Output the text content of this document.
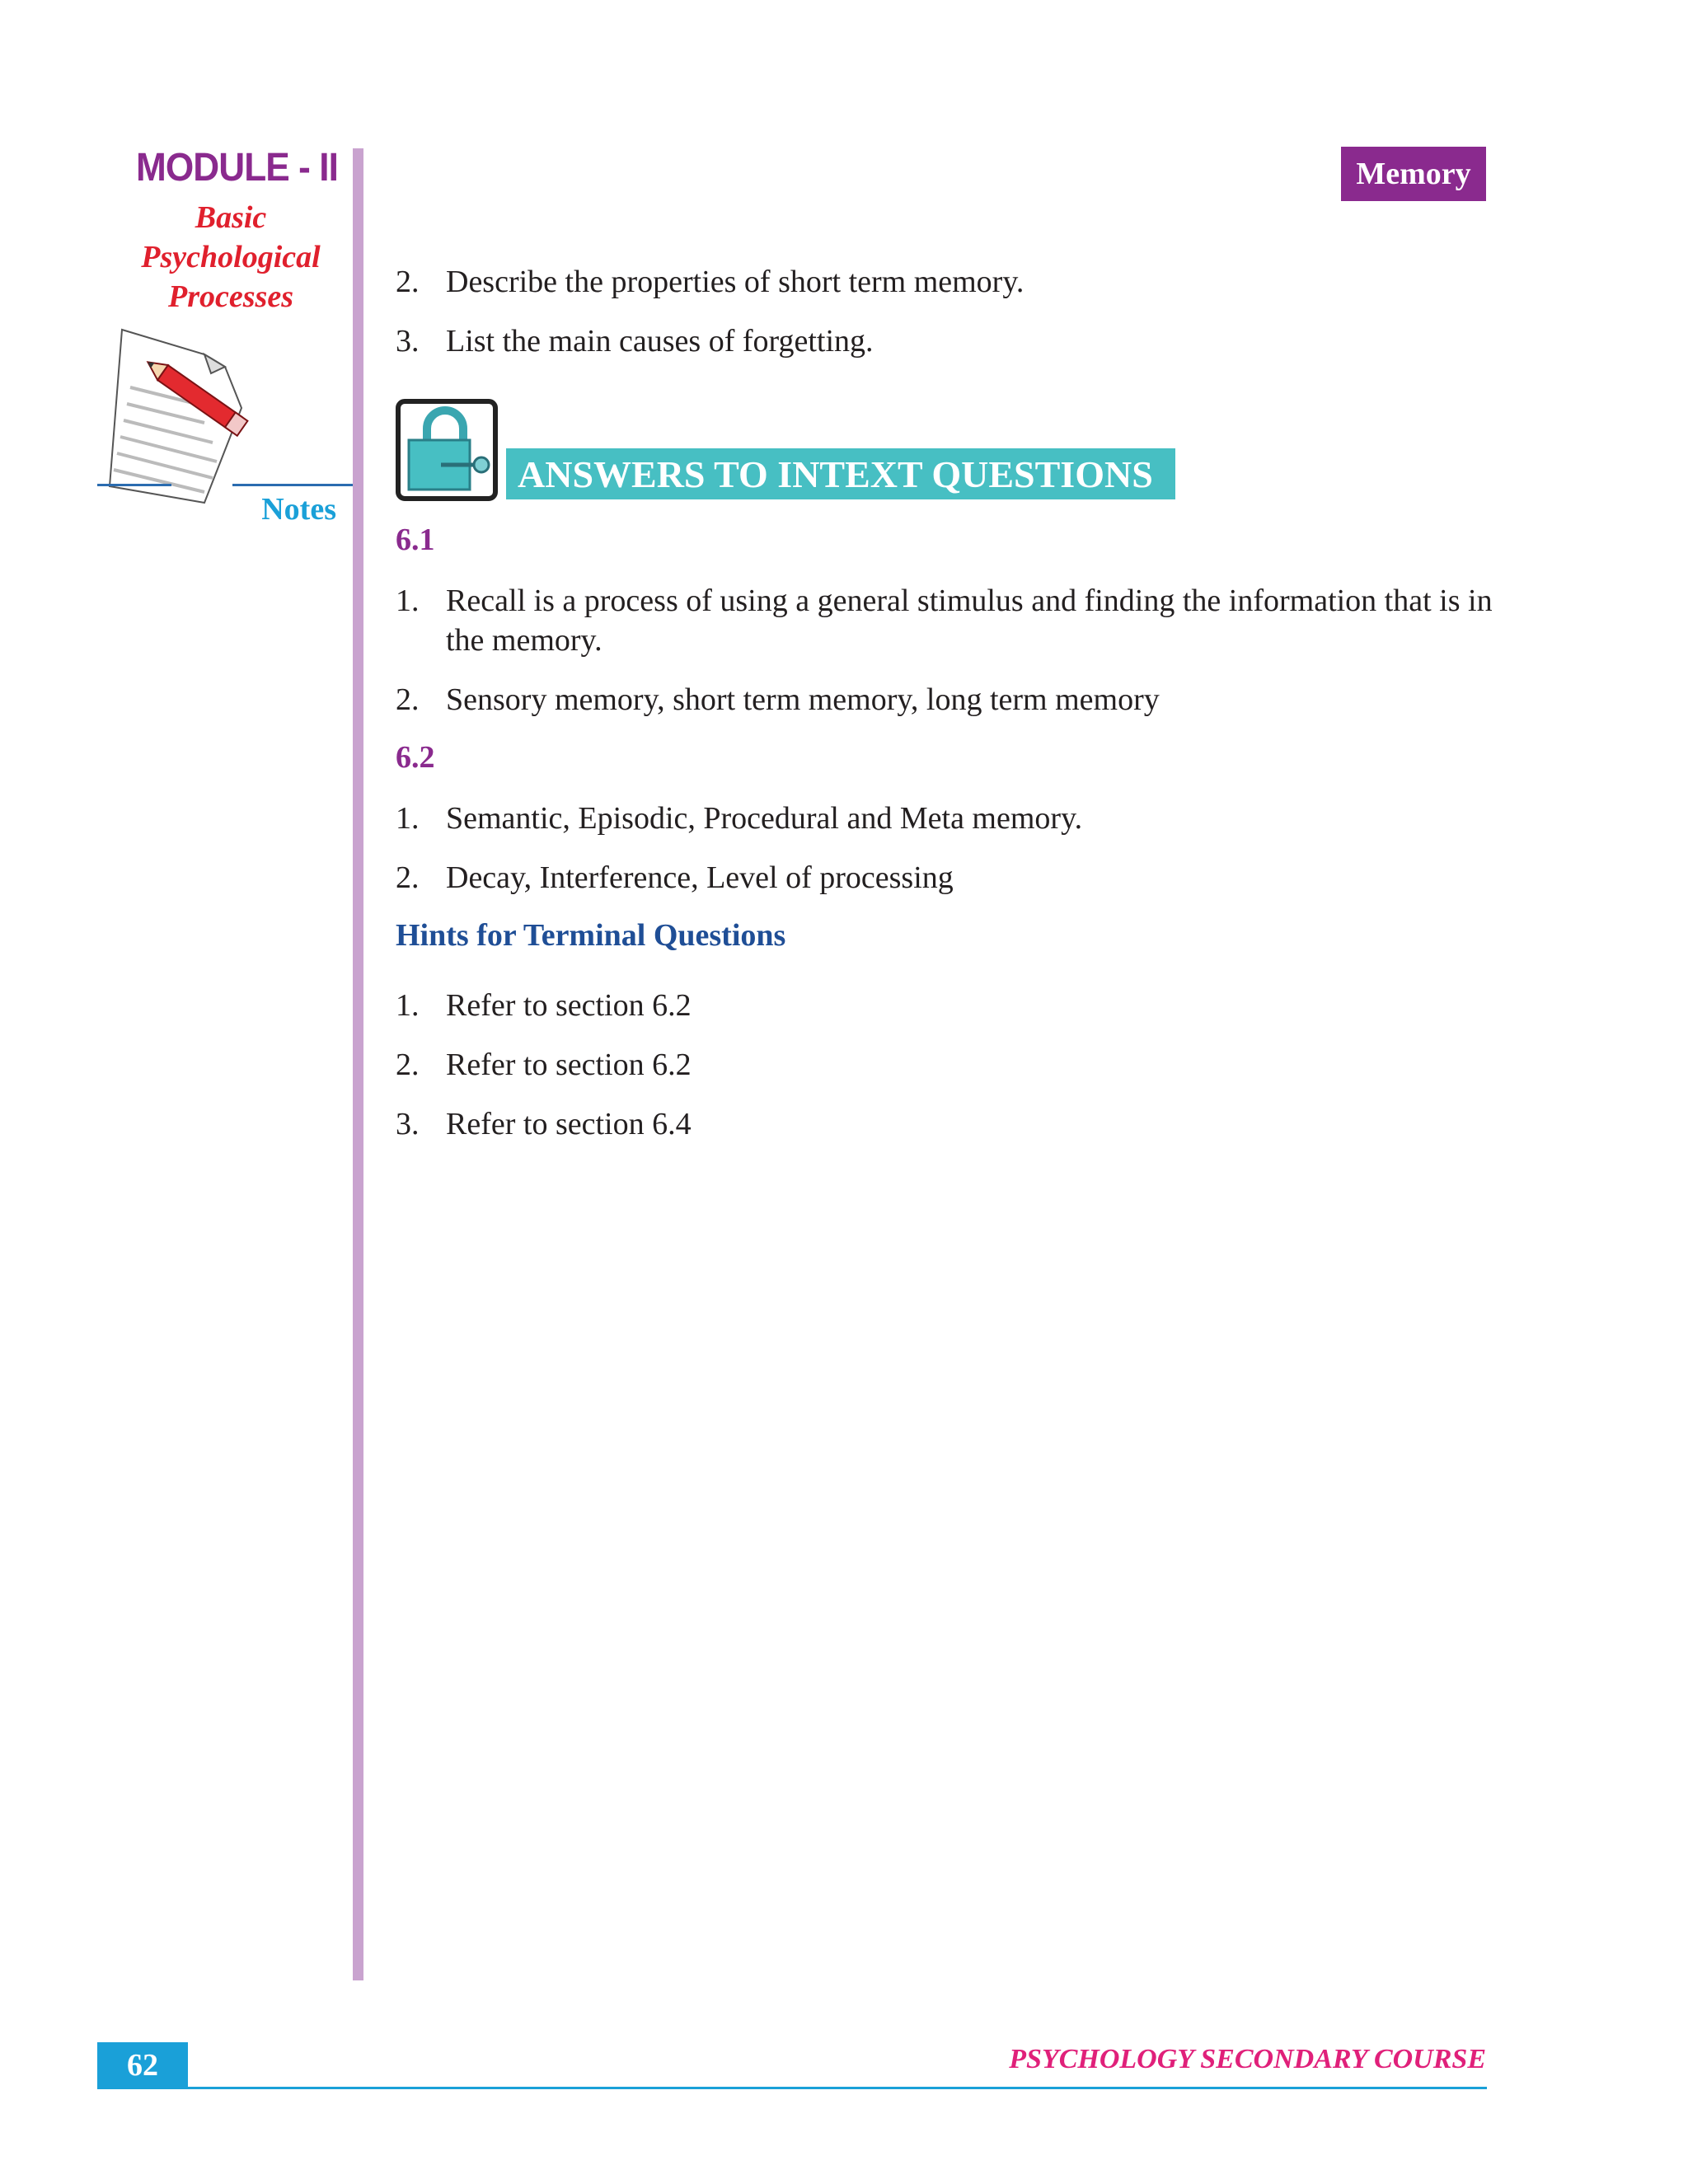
MODULE - II
Basic
Psychological
Processes
Notes
Memory
2. Describe the properties of short term memory.
3. List the main causes of forgetting.
ANSWERS TO INTEXT QUESTIONS
6.1
1. Recall is a process of using a general stimulus and finding the information that is in the memory.
2. Sensory memory, short term memory, long term memory
6.2
1. Semantic, Episodic, Procedural and Meta memory.
2. Decay, Interference, Level of processing
Hints for Terminal Questions
1. Refer to section 6.2
2. Refer to section 6.2
3. Refer to section 6.4
62	PSYCHOLOGY SECONDARY COURSE
